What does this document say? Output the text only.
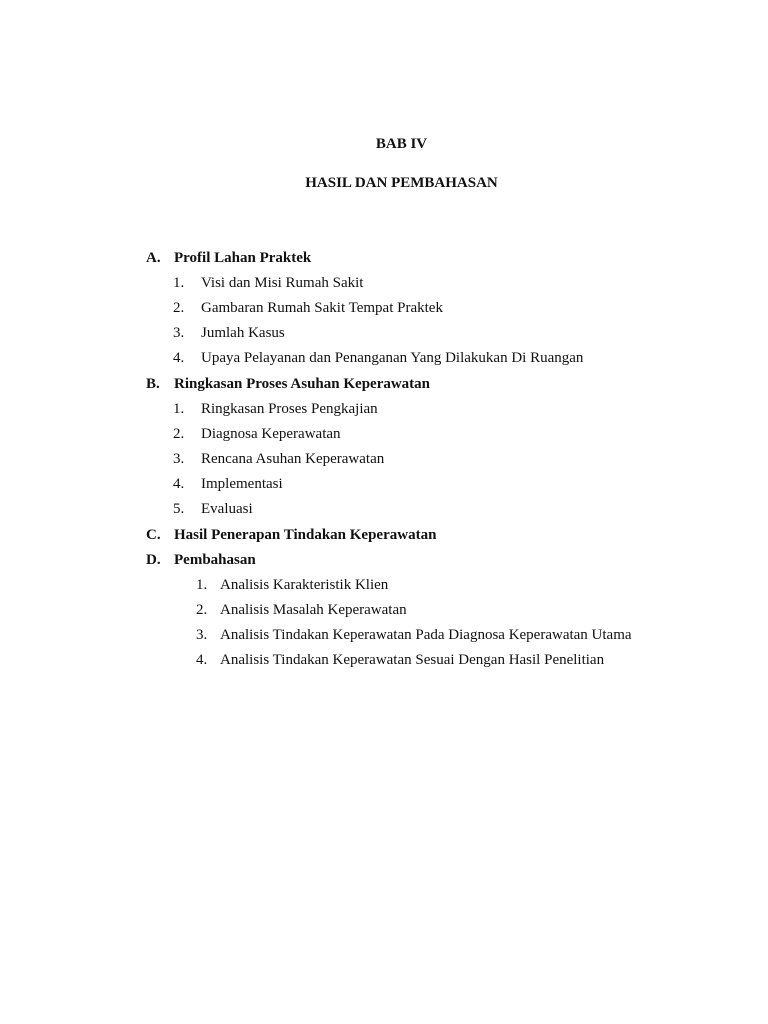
BAB IV
HASIL DAN PEMBAHASAN
A. Profil Lahan Praktek
1. Visi dan Misi Rumah Sakit
2. Gambaran Rumah Sakit Tempat Praktek
3. Jumlah Kasus
4. Upaya Pelayanan dan Penanganan Yang Dilakukan Di Ruangan
B. Ringkasan Proses Asuhan Keperawatan
1. Ringkasan Proses Pengkajian
2. Diagnosa Keperawatan
3. Rencana Asuhan Keperawatan
4. Implementasi
5. Evaluasi
C. Hasil Penerapan Tindakan Keperawatan
D. Pembahasan
1. Analisis Karakteristik Klien
2. Analisis Masalah Keperawatan
3. Analisis Tindakan Keperawatan Pada Diagnosa Keperawatan Utama
4. Analisis Tindakan Keperawatan Sesuai Dengan Hasil Penelitian
